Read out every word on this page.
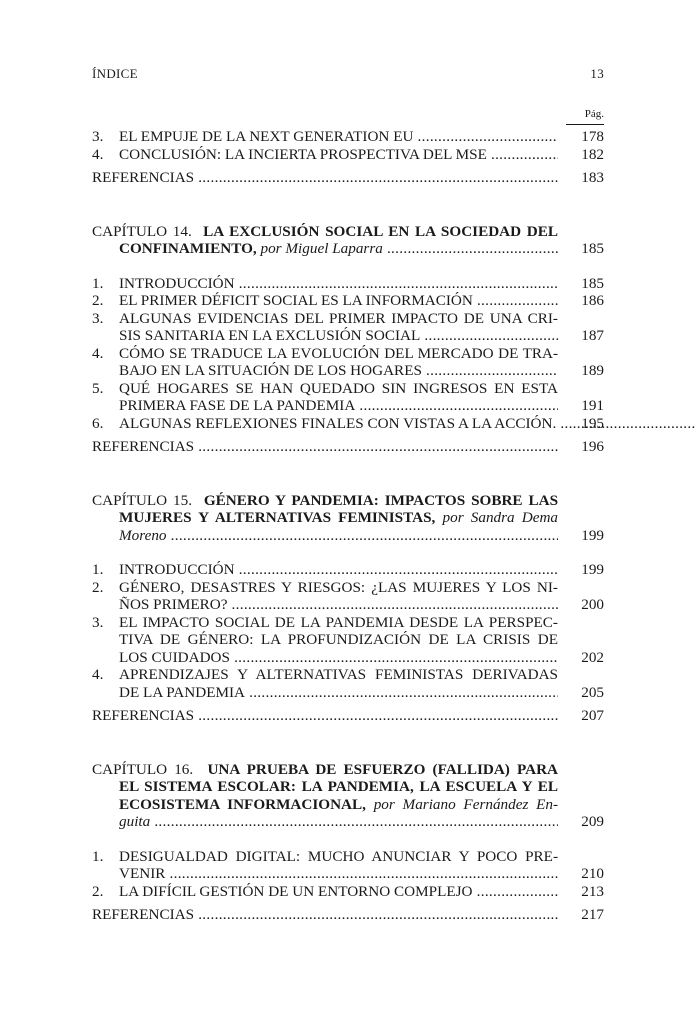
ÍNDICE	13
Pág.
3.	EL EMPUJE DE LA NEXT GENERATION EU .....	178
4.	CONCLUSIÓN: LA INCIERTA PROSPECTIVA DEL MSE .....	182
REFERENCIAS .....	183
CAPÍTULO 14. LA EXCLUSIÓN SOCIAL EN LA SOCIEDAD DEL
CONFINAMIENTO, por Miguel Laparra .....	185
1.	INTRODUCCIÓN .....	185
2.	EL PRIMER DÉFICIT SOCIAL ES LA INFORMACIÓN .....	186
3.	ALGUNAS EVIDENCIAS DEL PRIMER IMPACTO DE UNA CRI-
SIS SANITARIA EN LA EXCLUSIÓN SOCIAL .....	187
4.	CÓMO SE TRADUCE LA EVOLUCIÓN DEL MERCADO DE TRA-
BAJO EN LA SITUACIÓN DE LOS HOGARES .....	189
5.	QUÉ HOGARES SE HAN QUEDADO SIN INGRESOS EN ESTA
PRIMERA FASE DE LA PANDEMIA .....	191
6.	ALGUNAS REFLEXIONES FINALES CON VISTAS A LA ACCIÓN. .....	195
REFERENCIAS .....	196
CAPÍTULO 15. GÉNERO Y PANDEMIA: IMPACTOS SOBRE LAS
MUJERES Y ALTERNATIVAS FEMINISTAS, por Sandra Dema
Moreno .....	199
1.	INTRODUCCIÓN .....	199
2.	GÉNERO, DESASTRES Y RIESGOS: ¿LAS MUJERES Y LOS NI-
ÑOS PRIMERO? .....	200
3.	EL IMPACTO SOCIAL DE LA PANDEMIA DESDE LA PERSPEC-
TIVA DE GÉNERO: LA PROFUNDIZACIÓN DE LA CRISIS DE
LOS CUIDADOS .....	202
4.	APRENDIZAJES Y ALTERNATIVAS FEMINISTAS DERIVADAS
DE LA PANDEMIA .....	205
REFERENCIAS .....	207
CAPÍTULO 16. UNA PRUEBA DE ESFUERZO (FALLIDA) PARA
EL SISTEMA ESCOLAR: LA PANDEMIA, LA ESCUELA Y EL
ECOSISTEMA INFORMACIONAL, por Mariano Fernández En-
guita .....	209
1.	DESIGUALDAD DIGITAL: MUCHO ANUNCIAR Y POCO PRE-
VENIR .....	210
2.	LA DIFÍCIL GESTIÓN DE UN ENTORNO COMPLEJO .....	213
REFERENCIAS .....	217
